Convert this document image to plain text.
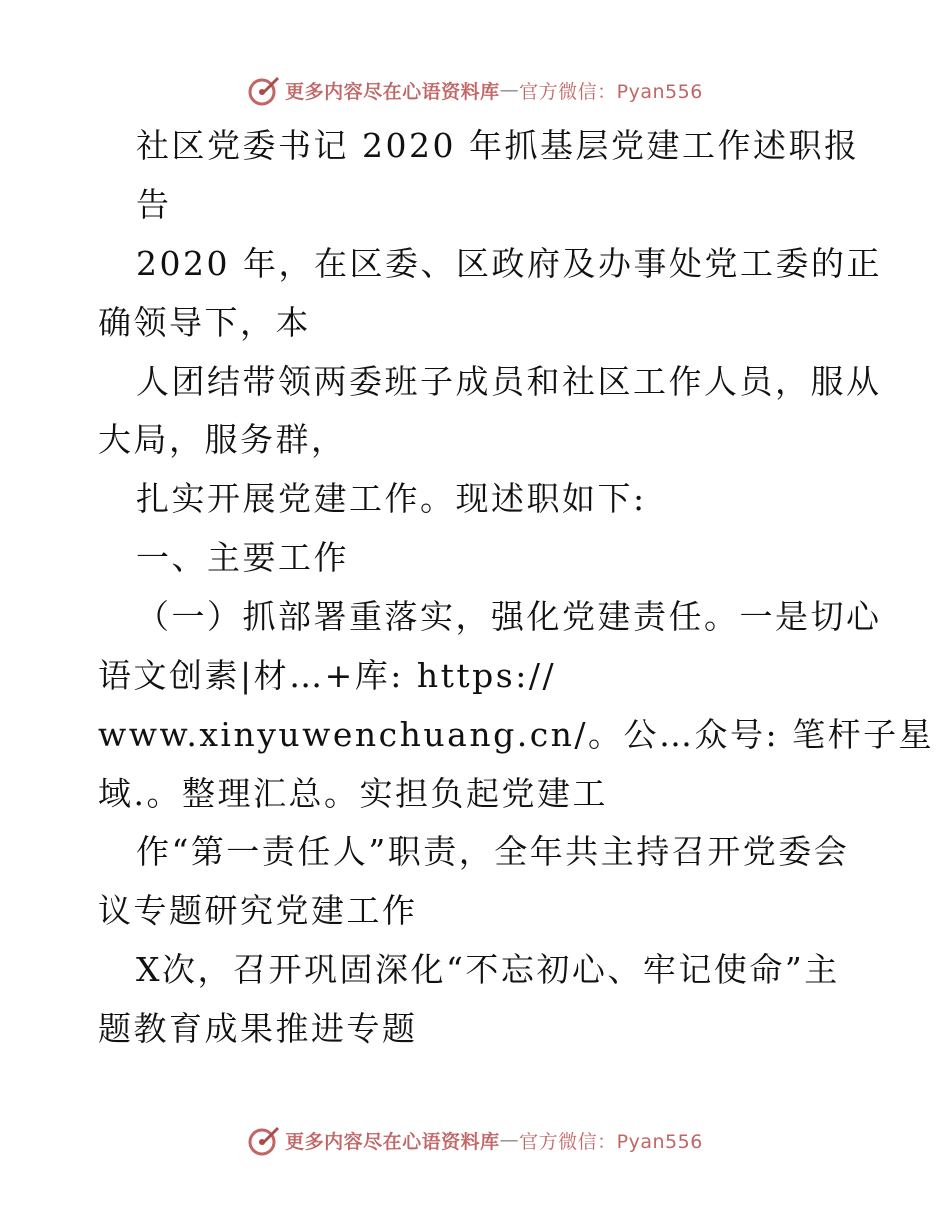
更多内容尽在心语资料库 — 官方微信：Pyan556
社区党委书记 2020 年抓基层党建工作述职报
告
2020 年，在区委、区政府及办事处党工委的正
确领导下，本
人团结带领两委班子成员和社区工作人员，服从
大局，服务群，
扎实开展党建工作。现述职如下:
一、主要工作
（一）抓部署重落实，强化党建责任。一是切心
语文创素|材…+库: https://
www.xinyuwenchuang.cn/。公…众号: 笔杆子星
域.。整理汇总。实担负起党建工
作“第一责任人”职责，全年共主持召开党委会
议专题研究党建工作
X次，召开巩固深化“不忘初心、牢记使命”主
题教育成果推进专题
更多内容尽在心语资料库 — 官方微信：Pyan556
